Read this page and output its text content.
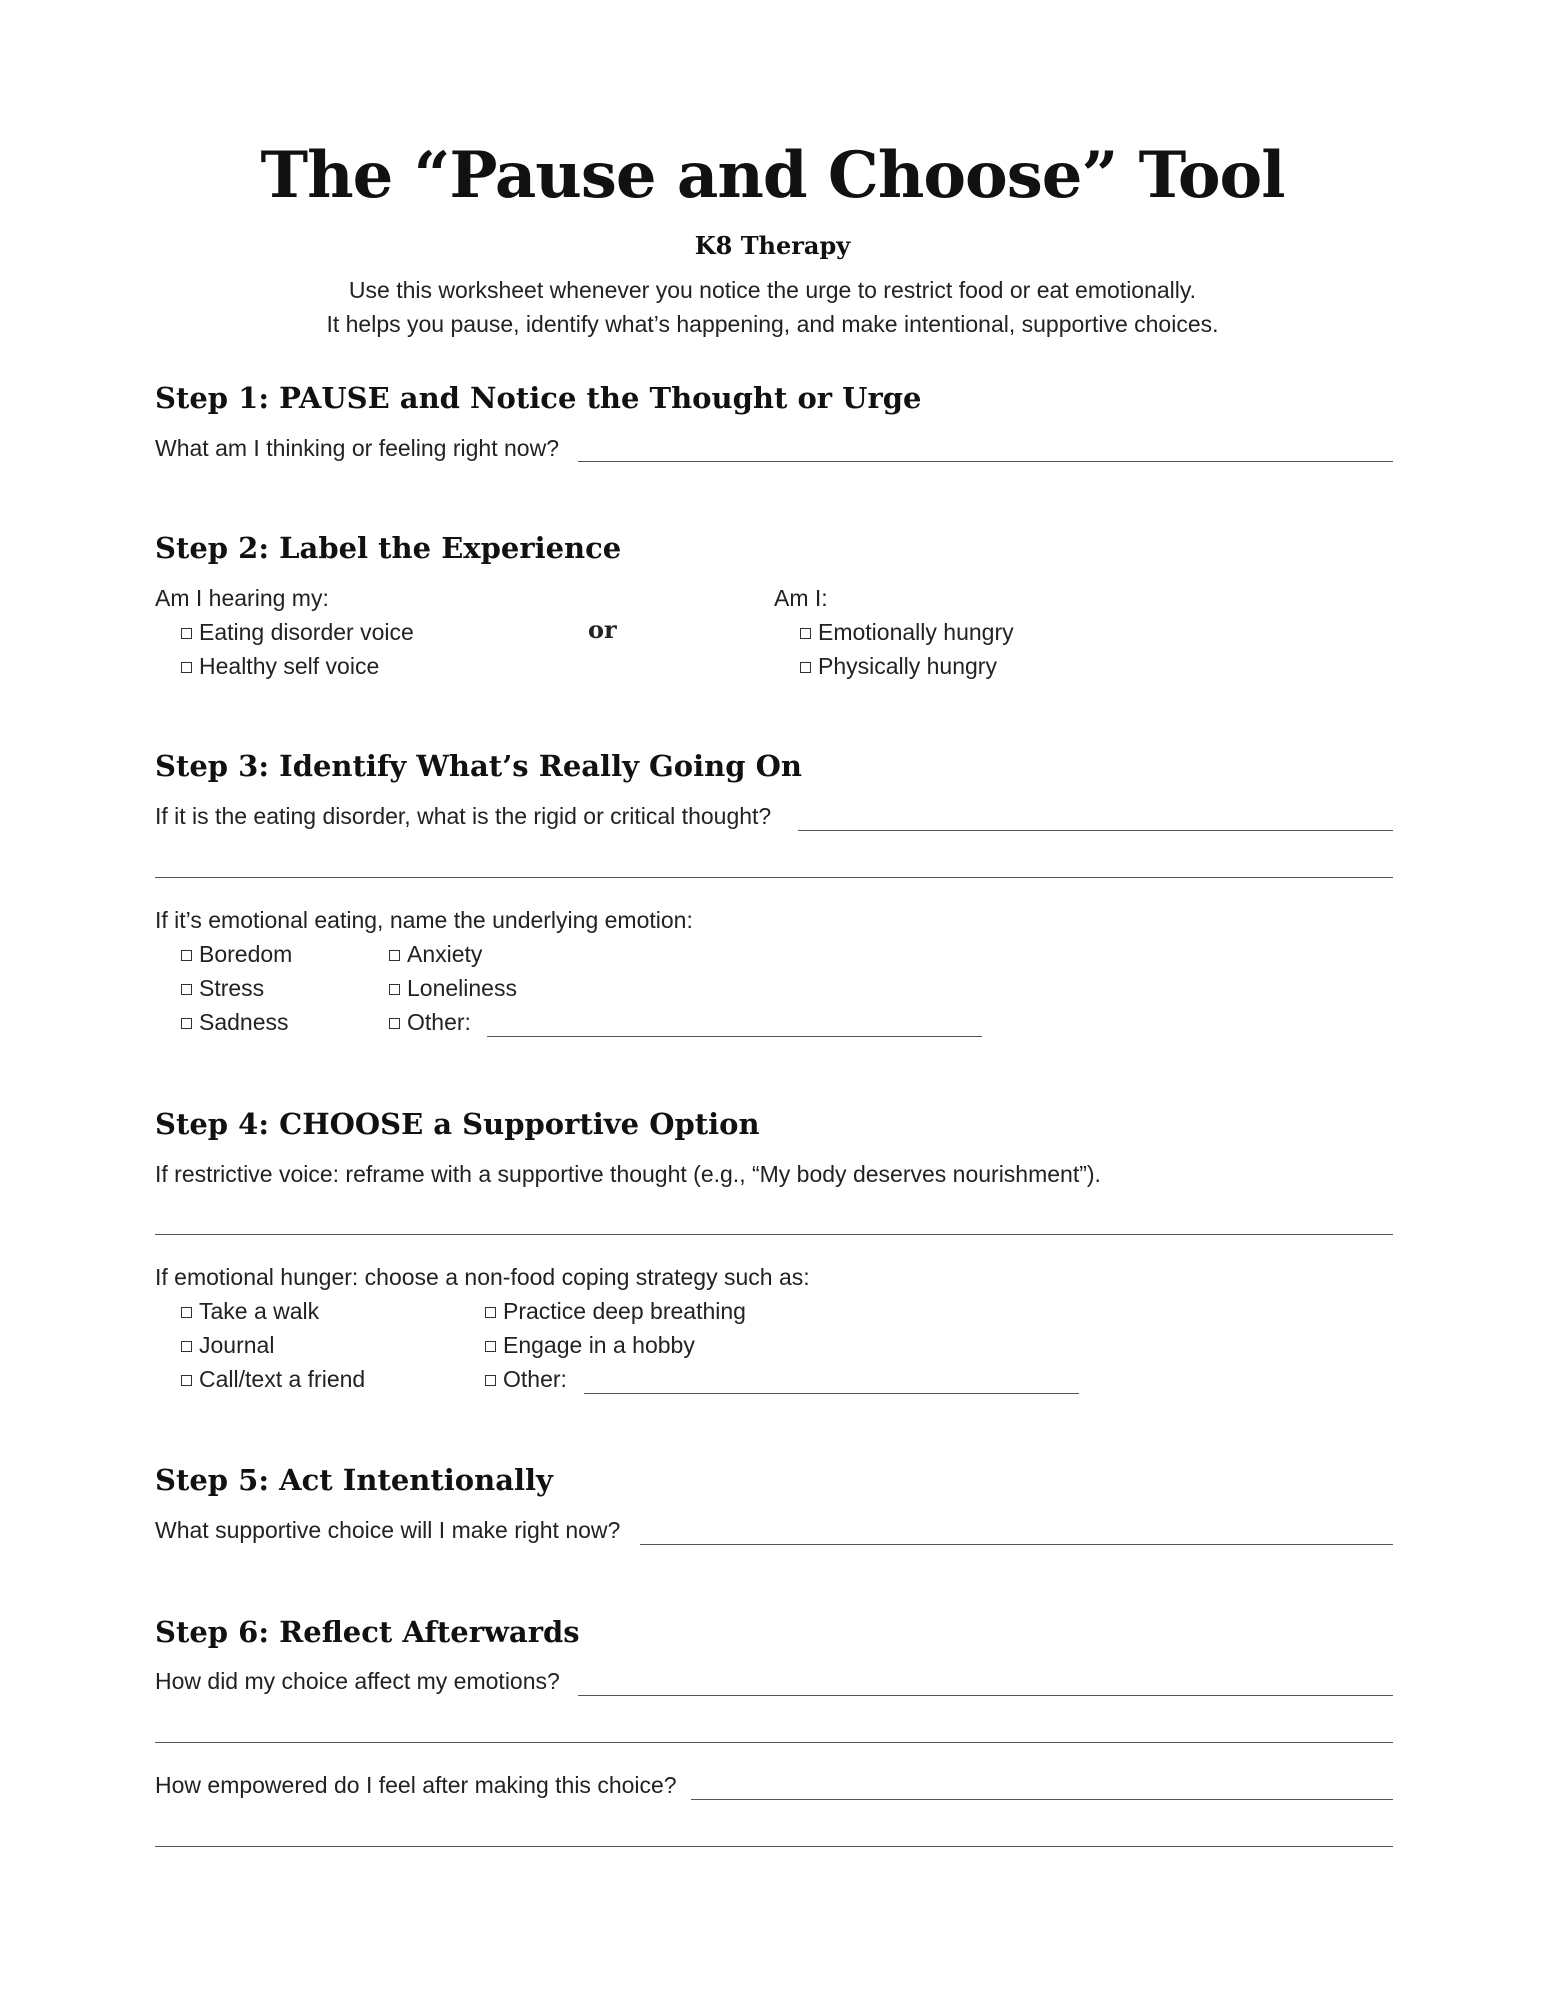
The “Pause and Choose” Tool
K8 Therapy
Use this worksheet whenever you notice the urge to restrict food or eat emotionally.
It helps you pause, identify what’s happening, and make intentional, supportive choices.
Step 1: PAUSE and Notice the Thought or Urge
What am I thinking or feeling right now?
Step 2: Label the Experience
Am I hearing my:
Eating disorder voice
Healthy self voice
or
Am I:
Emotionally hungry
Physically hungry
Step 3: Identify What’s Really Going On
If it is the eating disorder, what is the rigid or critical thought?
If it’s emotional eating, name the underlying emotion:
Boredom
Stress
Sadness
Anxiety
Loneliness
Other:
Step 4: CHOOSE a Supportive Option
If restrictive voice: reframe with a supportive thought (e.g., “My body deserves nourishment”).
If emotional hunger: choose a non-food coping strategy such as:
Take a walk
Journal
Call/text a friend
Practice deep breathing
Engage in a hobby
Other:
Step 5: Act Intentionally
What supportive choice will I make right now?
Step 6: Reflect Afterwards
How did my choice affect my emotions?
How empowered do I feel after making this choice?
